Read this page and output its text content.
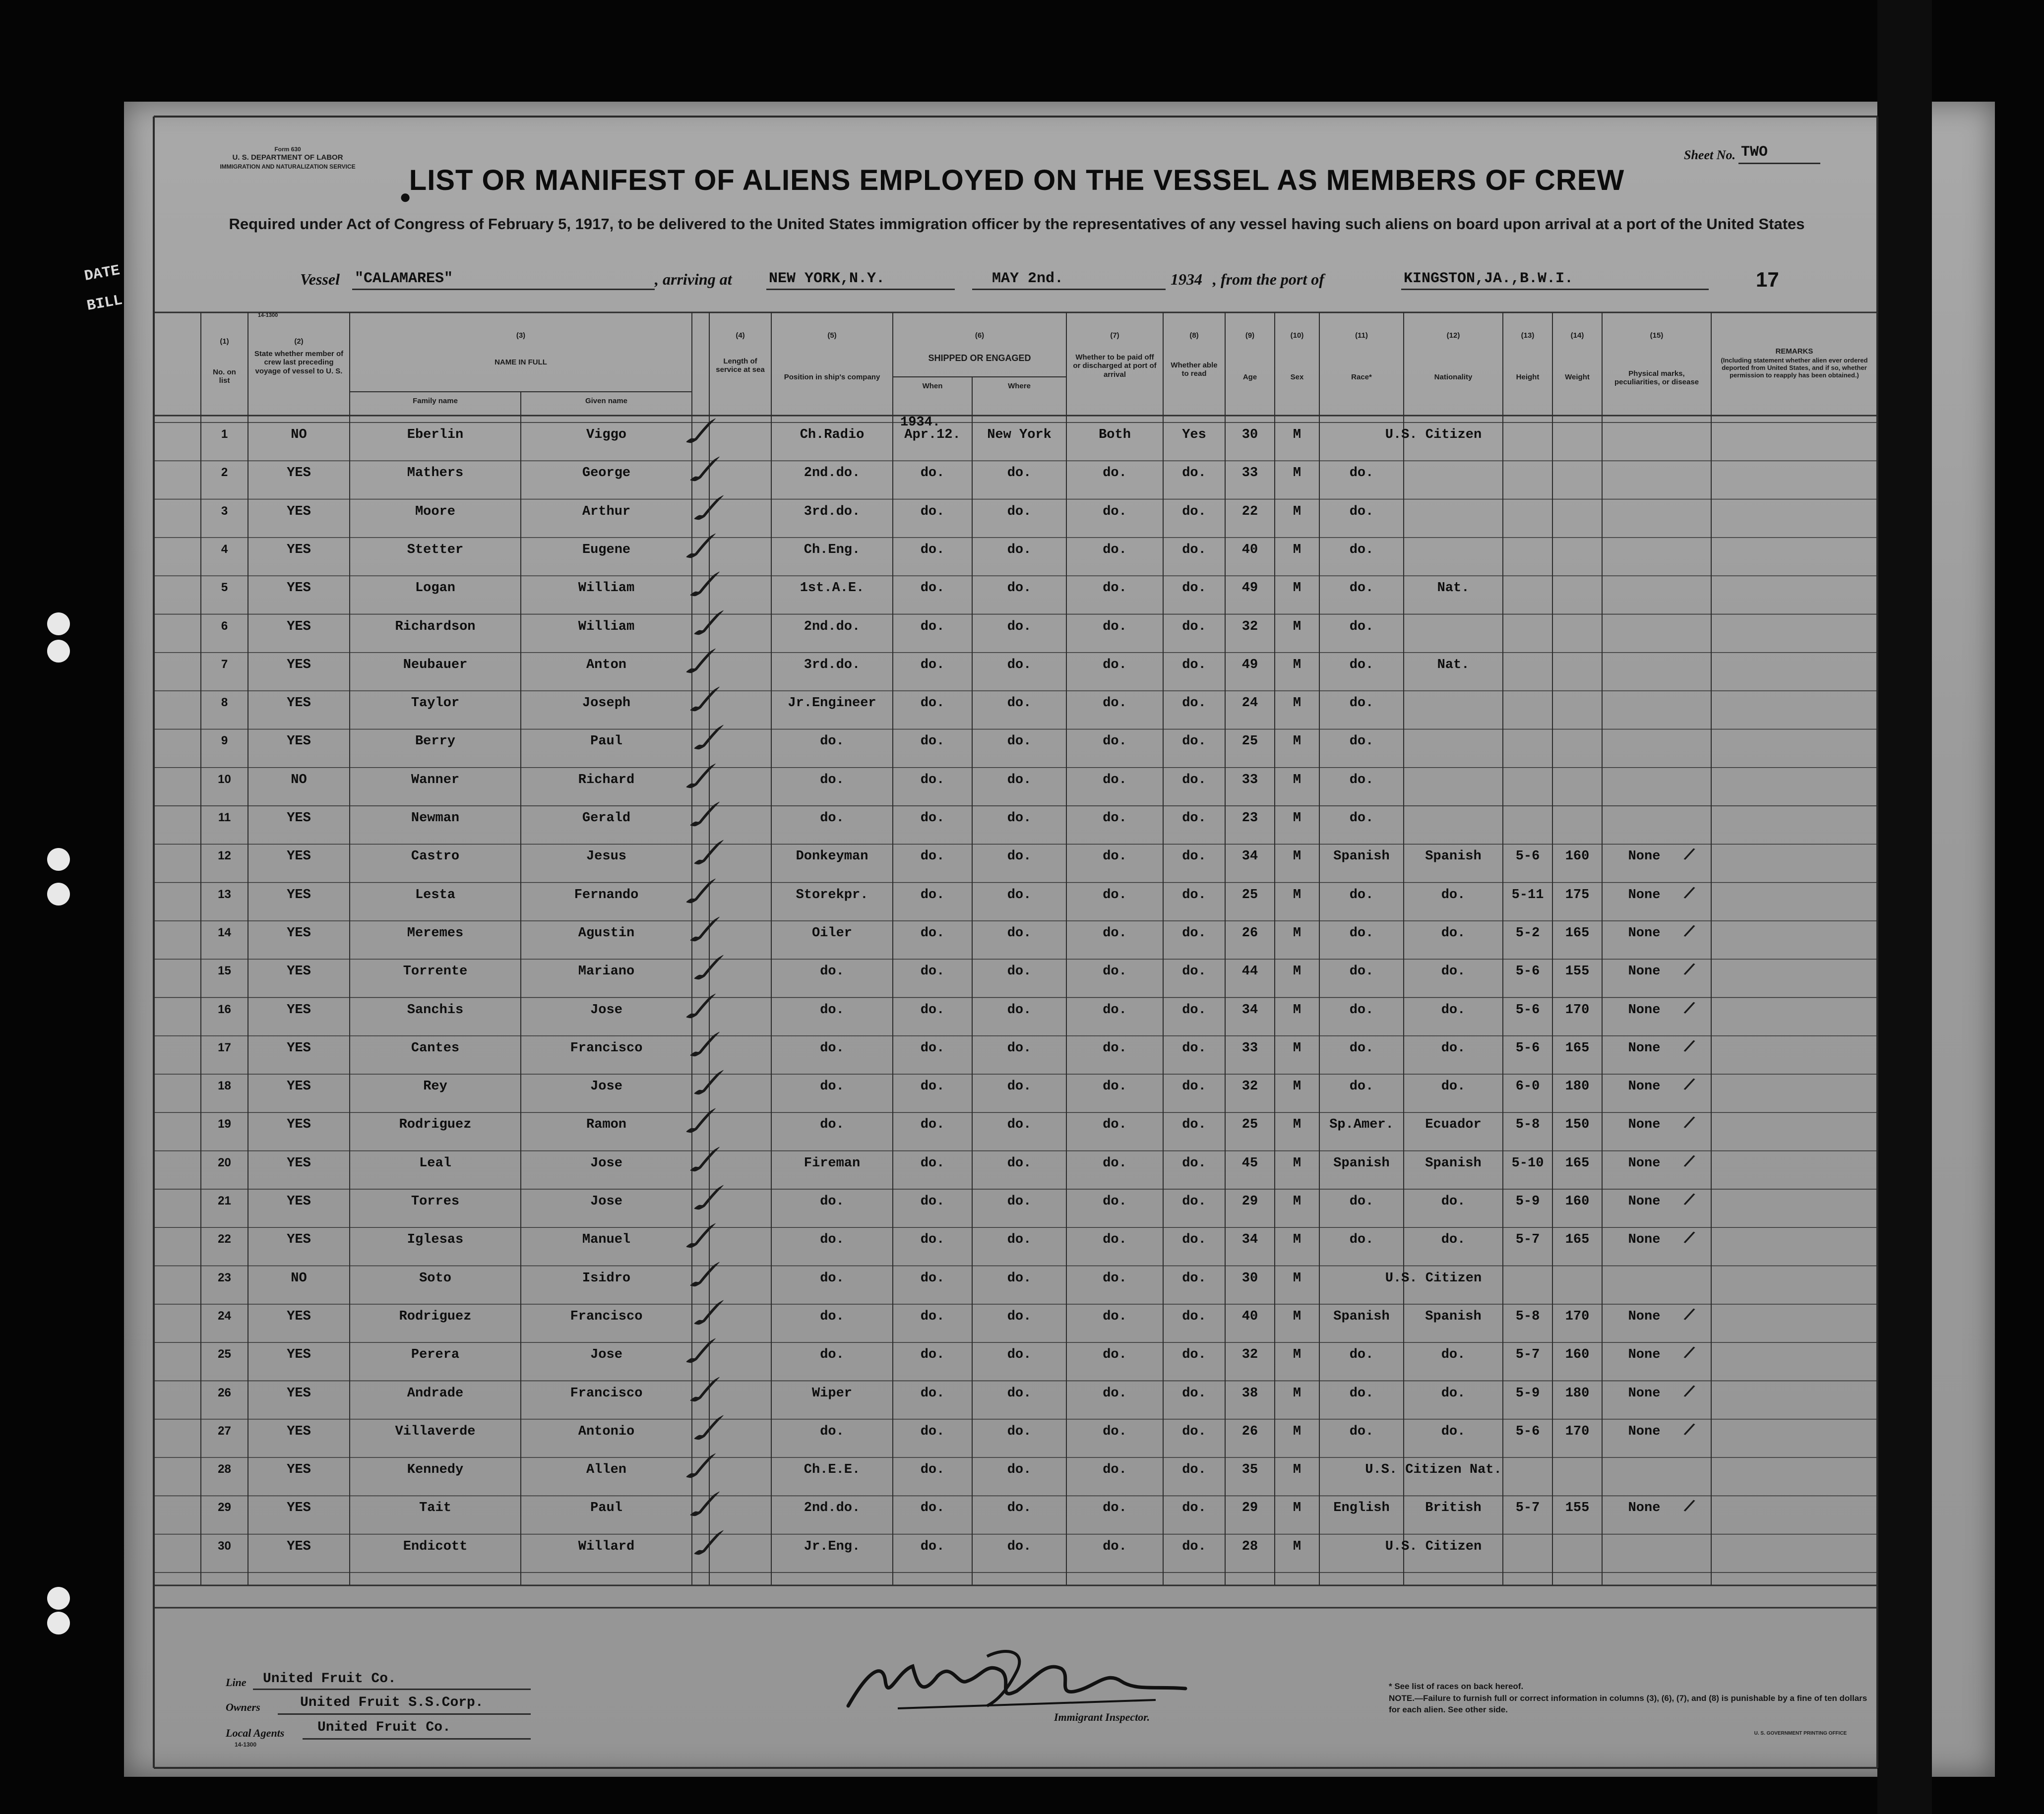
DATE
BILL
Form 630
U. S. DEPARTMENT OF LABOR
IMMIGRATION AND NATURALIZATION SERVICE
Sheet No. TWO
●
LIST OR MANIFEST OF ALIENS EMPLOYED ON THE VESSEL AS MEMBERS OF CREW
Required under Act of Congress of February 5, 1917, to be delivered to the United States immigration officer by the representatives of any vessel having such aliens on board upon arrival at a port of the United States
Vessel "CALAMARES"	, arriving at NEW YORK,N.Y.	MAY 2nd.	1934 , from the port of	KINGSTON,JA.,B.W.I.	17
(1)
No. on list
14-1300
(2)
State whether member of crew last preceding voyage of vessel to U. S.
(3)
NAME IN FULL
Family name	Given name
(4)
Length of service at sea
(5)
Position in ship's company
(6)
SHIPPED OR ENGAGED
When	Where
(7)
Whether to be paid off or discharged at port of arrival
(8)
Whether able to read
(9)
Age
(10)
Sex
(11)
Race*
(12)
Nationality
(13)
Height
(14)
Weight
(15)
Physical marks, peculiarities, or disease
REMARKS
(Including statement whether alien ever ordered deported from United States, and if so, whether permission to reapply has been obtained.)
1934.
1	NO	Eberlin	Viggo	Ch.Radio	Apr.12.	New York	Both	Yes	30	M	U.S. Citizen
✓
2	YES	Mathers	George	2nd.do.	do.	do.	do.	do.	33	M	do.
✓
3	YES	Moore	Arthur	3rd.do.	do.	do.	do.	do.	22	M	do.
✓
4	YES	Stetter	Eugene	Ch.Eng.	do.	do.	do.	do.	40	M	do.
✓
5	YES	Logan	William	1st.A.E.	do.	do.	do.	do.	49	M	do.	Nat.
✓
6	YES	Richardson	William	2nd.do.	do.	do.	do.	do.	32	M	do.
✓
7	YES	Neubauer	Anton	3rd.do.	do.	do.	do.	do.	49	M	do.	Nat.
✓
8	YES	Taylor	Joseph	Jr.Engineer	do.	do.	do.	do.	24	M	do.
✓
9	YES	Berry	Paul	do.	do.	do.	do.	do.	25	M	do.
✓
10	NO	Wanner	Richard	do.	do.	do.	do.	do.	33	M	do.
✓
11	YES	Newman	Gerald	do.	do.	do.	do.	do.	23	M	do.
✓
12	YES	Castro	Jesus	Donkeyman	do.	do.	do.	do.	34	M	Spanish	Spanish	5-6	160	None
✓	/
13	YES	Lesta	Fernando	Storekpr.	do.	do.	do.	do.	25	M	do.	do.	5-11	175	None
✓	/
14	YES	Meremes	Agustin	Oiler	do.	do.	do.	do.	26	M	do.	do.	5-2	165	None
✓	/
15	YES	Torrente	Mariano	do.	do.	do.	do.	do.	44	M	do.	do.	5-6	155	None
✓	/
16	YES	Sanchis	Jose	do.	do.	do.	do.	do.	34	M	do.	do.	5-6	170	None
✓	/
17	YES	Cantes	Francisco	do.	do.	do.	do.	do.	33	M	do.	do.	5-6	165	None
✓	/
18	YES	Rey	Jose	do.	do.	do.	do.	do.	32	M	do.	do.	6-0	180	None
✓	/
19	YES	Rodriguez	Ramon	do.	do.	do.	do.	do.	25	M	Sp.Amer.	Ecuador	5-8	150	None
✓	/
20	YES	Leal	Jose	Fireman	do.	do.	do.	do.	45	M	Spanish	Spanish	5-10	165	None
✓	/
21	YES	Torres	Jose	do.	do.	do.	do.	do.	29	M	do.	do.	5-9	160	None
✓	/
22	YES	Iglesas	Manuel	do.	do.	do.	do.	do.	34	M	do.	do.	5-7	165	None
✓	/
23	NO	Soto	Isidro	do.	do.	do.	do.	do.	30	M	U.S. Citizen
✓
24	YES	Rodriguez	Francisco	do.	do.	do.	do.	do.	40	M	Spanish	Spanish	5-8	170	None
✓	/
25	YES	Perera	Jose	do.	do.	do.	do.	do.	32	M	do.	do.	5-7	160	None
✓	/
26	YES	Andrade	Francisco	Wiper	do.	do.	do.	do.	38	M	do.	do.	5-9	180	None
✓	/
27	YES	Villaverde	Antonio	do.	do.	do.	do.	do.	26	M	do.	do.	5-6	170	None
✓	/
28	YES	Kennedy	Allen	Ch.E.E.	do.	do.	do.	do.	35	M	U.S. Citizen Nat.
✓
29	YES	Tait	Paul	2nd.do.	do.	do.	do.	do.	29	M	English	British	5-7	155	None
✓	/
30	YES	Endicott	Willard	Jr.Eng.	do.	do.	do.	do.	28	M	U.S. Citizen
✓
Line United Fruit Co.
Owners	United Fruit S.S.Corp.
Local Agents United Fruit Co.
14-1300
Immigrant Inspector.
* See list of races on back hereof.
NOTE.—Failure to furnish full or correct information in columns (3), (6), (7), and (8) is punishable by a fine of ten dollars for each alien. See other side.
U. S. GOVERNMENT PRINTING OFFICE
